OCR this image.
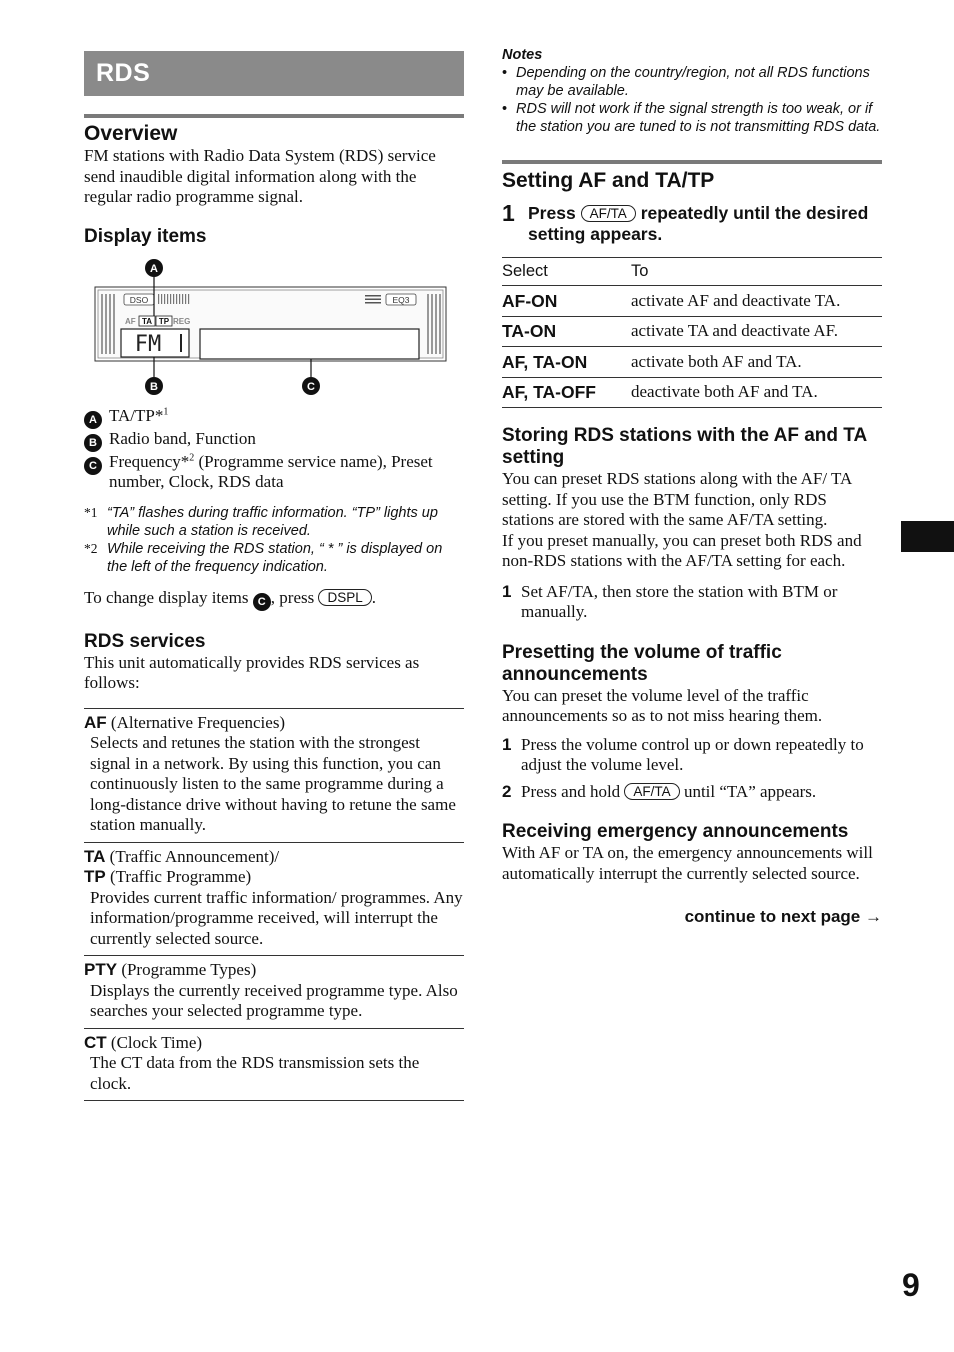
RDS
Overview

FM stations with Radio Data System (RDS) service send inaudible digital information along with the regular radio programme signal.

Display items
DSO	EQ3
AF TA TP REG
FM
A
B	C
A TA/TP*$^1$
B Radio band, Function
C Frequency*$^2$ (Programme service name), Preset number, Clock, RDS data
*1 “TA” flashes during traffic information. “TP” lights up while such a station is received.
*2 While receiving the RDS station, “ * ” is displayed on the left of the frequency indication.

To change display items C , press DSPL .

RDS services

This unit automatically provides RDS services as follows:

AF (Alternative Frequencies)
Selects and retunes the station with the strongest signal in a network. By using this function, you can continuously listen to the same programme during a long-distance drive without having to retune the same station manually.
TA (Traffic Announcement)/
TP (Traffic Programme)
Provides current traffic information/ programmes. Any information/programme received, will interrupt the currently selected source.
PTY (Programme Types)
Displays the currently received programme type. Also searches your selected programme type.
CT (Clock Time)
The CT data from the RDS transmission sets the clock.
Notes
• Depending on the country/region, not all RDS functions may be available.
• RDS will not work if the signal strength is too weak, or if the station you are tuned to is not transmitting RDS data.
Setting AF and TA/TP
1 Press AF/TA repeatedly until the desired setting appears.
Select	To
AF-ON	activate AF and deactivate TA.
TA-ON	activate TA and deactivate AF.
AF, TA-ON	activate both AF and TA.
AF, TA-OFF	deactivate both AF and TA.
Storing RDS stations with the AF and TA setting

You can preset RDS stations along with the AF/ TA setting. If you use the BTM function, only RDS stations are stored with the same AF/TA setting.

If you preset manually, you can preset both RDS and non-RDS stations with the AF/TA setting for each.

1 Set AF/TA, then store the station with BTM or manually.
Presetting the volume of traffic announcements

You can preset the volume level of the traffic announcements so as to not miss hearing them.

1 Press the volume control up or down repeatedly to adjust the volume level.
2 Press and hold AF/TA until “TA” appears.
Receiving emergency announcements

With AF or TA on, the emergency announcements will automatically interrupt the currently selected source.

continue to next page →
9
